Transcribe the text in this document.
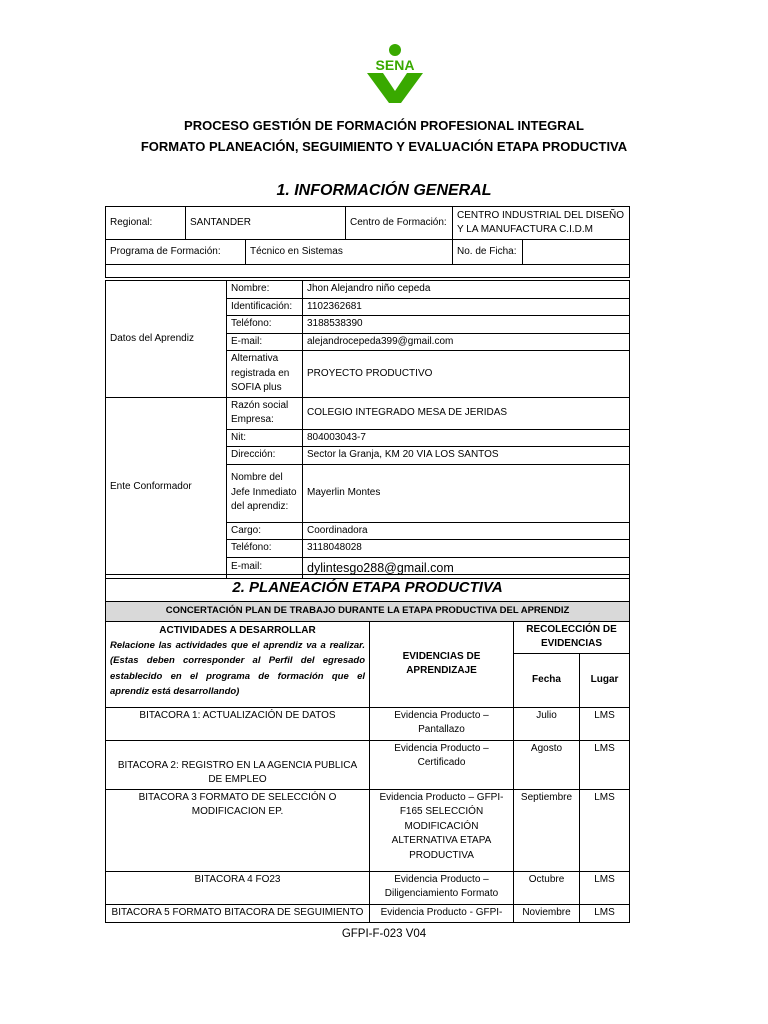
SENA
PROCESO GESTIÓN DE FORMACIÓN PROFESIONAL INTEGRAL
FORMATO PLANEACIÓN, SEGUIMIENTO Y EVALUACIÓN ETAPA PRODUCTIVA
1. INFORMACIÓN GENERAL
Regional:	SANTANDER		Centro de Formación:	CENTRO INDUSTRIAL DEL DISEÑO Y LA MANUFACTURA C.I.D.M	
Programa de Formación:		Técnico en Sistemas		No. de Ficha:	

Datos del Aprendiz	Nombre:	Jhon Alejandro niño cepeda
	Identificación:	1102362681
	Teléfono:	3188538390
	E-mail:	alejandrocepeda399@gmail.com
	Alternativa registrada en SOFIA plus	PROYECTO PRODUCTIVO
Ente Conformador	Razón social Empresa:	COLEGIO INTEGRADO MESA DE JERIDAS
	Nit:	804003043-7
	Dirección:	Sector la Granja, KM 20 VIA LOS SANTOS
	Nombre del Jefe Inmediato del aprendiz:	Mayerlin Montes
	Cargo:	Coordinadora
	Teléfono:	3118048028
	E-mail:	dylintesgo288@gmail.com
2. PLANEACIÓN ETAPA PRODUCTIVA			
CONCERTACIÓN PLAN DE TRABAJO DURANTE LA ETAPA PRODUCTIVA DEL APRENDIZ			

ACTIVIDADES A DESARROLLAR
Relacione las actividades que el aprendiz va a realizar. (Estas deben corresponder al Perfil del egresado establecido en el programa de formación que el aprendiz está desarrollando)	EVIDENCIAS DE APRENDIZAJE	RECOLECCIÓN DE EVIDENCIAS	
		Fecha	Lugar
BITACORA 1: ACTUALIZACIÓN DE DATOS	Evidencia Producto – Pantallazo	Julio	LMS
BITACORA 2: REGISTRO EN LA AGENCIA PUBLICA DE EMPLEO	Evidencia Producto – Certificado	Agosto	LMS
BITACORA 3 FORMATO DE SELECCIÓN O MODIFICACION EP.	Evidencia Producto – GFPI-F165 SELECCIÓN MODIFICACIÓN ALTERNATIVA ETAPA PRODUCTIVA	Septiembre	LMS
BITACORA 4 FO23	Evidencia Producto – Diligenciamiento Formato	Octubre	LMS
BITACORA 5 FORMATO BITACORA DE SEGUIMIENTO	Evidencia Producto - GFPI-	Noviembre	LMS
GFPI-F-023 V04
